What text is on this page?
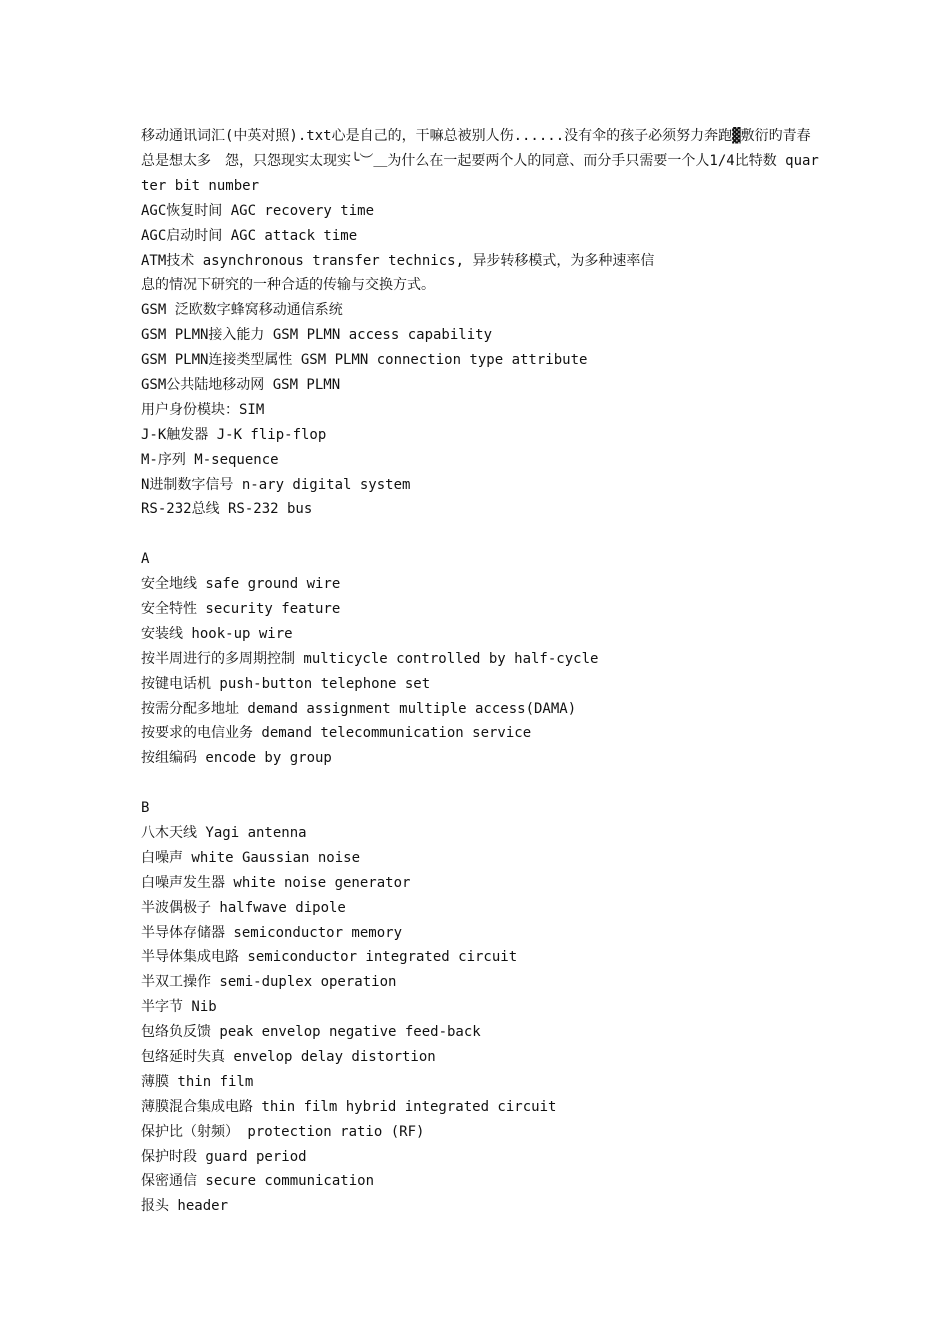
移动通讯词汇(中英对照).txt心是自己的，干嘛总被别人伤......没有伞的孩子必须努力奔跑▓敷衍旳青春　　总是想太多　怨，只怨现实太现实╰︶＿为什么在一起要两个人的同意、而分手只需要一个人1/4比特数 quarter bit number
AGC恢复时间 AGC recovery time
AGC启动时间 AGC attack time
ATM技术 asynchronous transfer technics, 异步转移模式，为多种速率信
息的情况下研究的一种合适的传输与交换方式。
GSM 泛欧数字蜂窝移动通信系统
GSM PLMN接入能力 GSM PLMN access capability
GSM PLMN连接类型属性 GSM PLMN connection type attribute
GSM公共陆地移动网 GSM PLMN
用户身份模块：SIM
J-K触发器 J-K flip-flop
M-序列 M-sequence
N进制数字信号 n-ary digital system
RS-232总线 RS-232 bus
A
安全地线 safe ground wire
安全特性 security feature
安装线 hook-up wire
按半周进行的多周期控制 multicycle controlled by half-cycle
按键电话机 push-button telephone set
按需分配多地址 demand assignment multiple access(DAMA)
按要求的电信业务 demand telecommunication service
按组编码 encode by group
B
八木天线 Yagi antenna
白噪声 white Gaussian noise
白噪声发生器 white noise generator
半波偶极子 halfwave dipole
半导体存储器 semiconductor memory
半导体集成电路 semiconductor integrated circuit
半双工操作 semi-duplex operation
半字节 Nib
包络负反馈 peak envelop negative feed-back
包络延时失真 envelop delay distortion
薄膜 thin film
薄膜混合集成电路 thin film hybrid integrated circuit
保护比（射频） protection ratio (RF)
保护时段 guard period
保密通信 secure communication
报头 header
